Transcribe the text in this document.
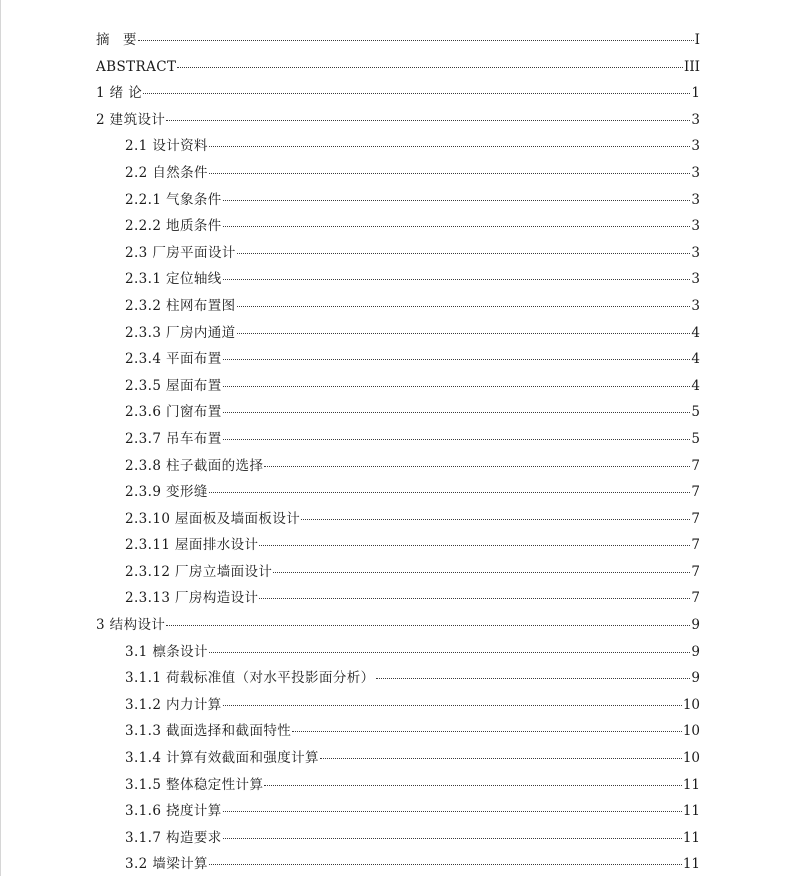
摘　要	I
ABSTRACT	III
1 绪 论	1
2 建筑设计	3
2.1 设计资料	3
2.2 自然条件	3
2.2.1 气象条件	3
2.2.2 地质条件	3
2.3 厂房平面设计	3
2.3.1 定位轴线	3
2.3.2 柱网布置图	3
2.3.3 厂房内通道	4
2.3.4 平面布置	4
2.3.5 屋面布置	4
2.3.6 门窗布置	5
2.3.7 吊车布置	5
2.3.8 柱子截面的选择	7
2.3.9 变形缝	7
2.3.10 屋面板及墙面板设计	7
2.3.11 屋面排水设计	7
2.3.12 厂房立墙面设计	7
2.3.13 厂房构造设计	7
3 结构设计	9
3.1 檩条设计	9
3.1.1 荷载标准值（对水平投影面分析）	9
3.1.2 内力计算	10
3.1.3 截面选择和截面特性	10
3.1.4 计算有效截面和强度计算	10
3.1.5 整体稳定性计算	11
3.1.6 挠度计算	11
3.1.7 构造要求	11
3.2 墙梁计算	11
